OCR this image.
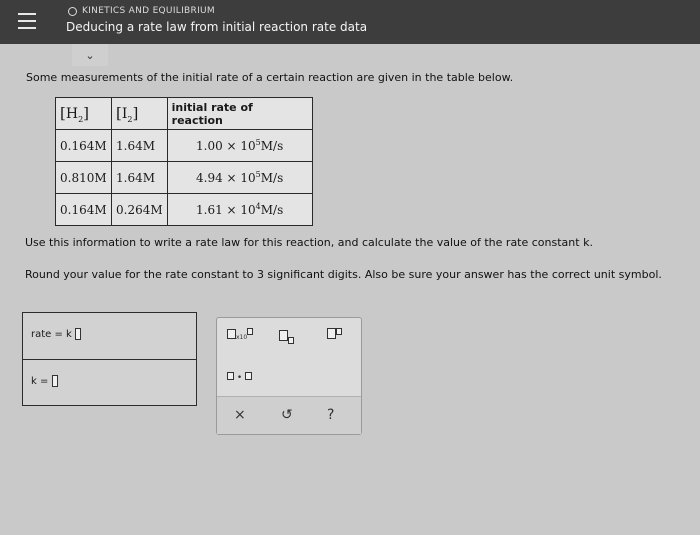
KINETICS AND EQUILIBRIUM
Deducing a rate law from initial reaction rate data
⌄
Some measurements of the initial rate of a certain reaction are given in the table below.
$[H_2]$	$[I_2]$	initial rate of reaction
0.164M	1.64M	$1.00 \times 10^5M/s$
0.810M	1.64M	$4.94 \times 10^5M/s$
0.164M	0.264M	$1.61 \times 10^4M/s$
Use this information to write a rate law for this reaction, and calculate the value of the rate constant k.
Round your value for the rate constant to 3 significant digits. Also be sure your answer has the correct unit symbol.
rate = k
k =
x10
•
×	↺ ?
